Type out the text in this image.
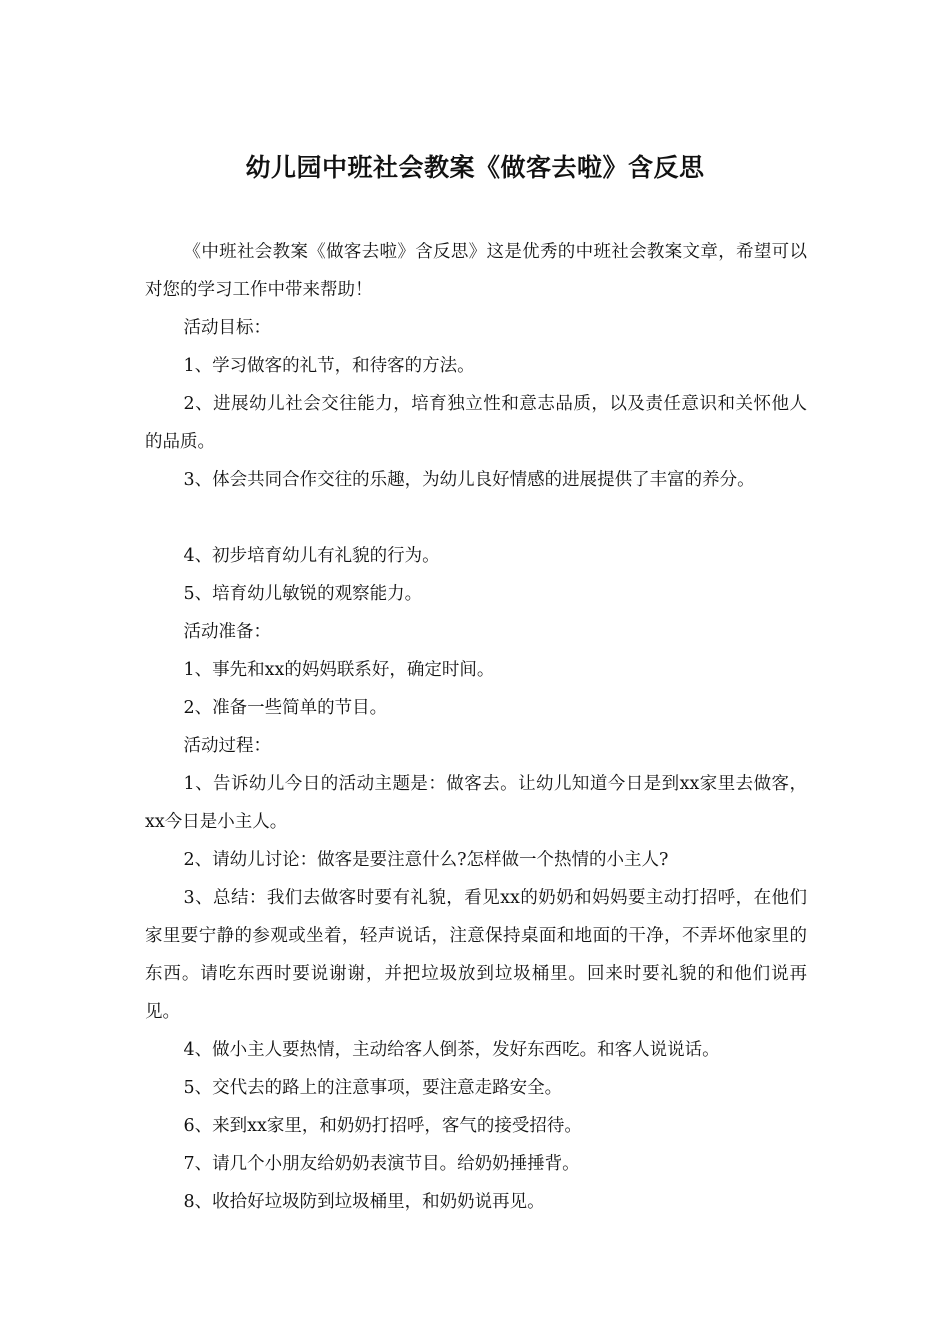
幼儿园中班社会教案《做客去啦》含反思

《中班社会教案《做客去啦》含反思》这是优秀的中班社会教案文章，希望可以对您的学习工作中带来帮助！

活动目标：

1、学习做客的礼节，和待客的方法。

2、进展幼儿社会交往能力，培育独立性和意志品质，以及责任意识和关怀他人的品质。

3、体会共同合作交往的乐趣，为幼儿良好情感的进展提供了丰富的养分。

4、初步培育幼儿有礼貌的行为。

5、培育幼儿敏锐的观察能力。

活动准备：

1、事先和xx的妈妈联系好，确定时间。

2、准备一些简单的节目。

活动过程：

1、告诉幼儿今日的活动主题是：做客去。让幼儿知道今日是到xx家里去做客，xx今日是小主人。

2、请幼儿讨论：做客是要注意什么?怎样做一个热情的小主人?

3、总结：我们去做客时要有礼貌，看见xx的奶奶和妈妈要主动打招呼，在他们家里要宁静的参观或坐着，轻声说话，注意保持桌面和地面的干净，不弄坏他家里的东西。请吃东西时要说谢谢，并把垃圾放到垃圾桶里。回来时要礼貌的和他们说再见。

4、做小主人要热情，主动给客人倒茶，发好东西吃。和客人说说话。

5、交代去的路上的注意事项，要注意走路安全。

6、来到xx家里，和奶奶打招呼，客气的接受招待。

7、请几个小朋友给奶奶表演节目。给奶奶捶捶背。

8、收拾好垃圾防到垃圾桶里，和奶奶说再见。
